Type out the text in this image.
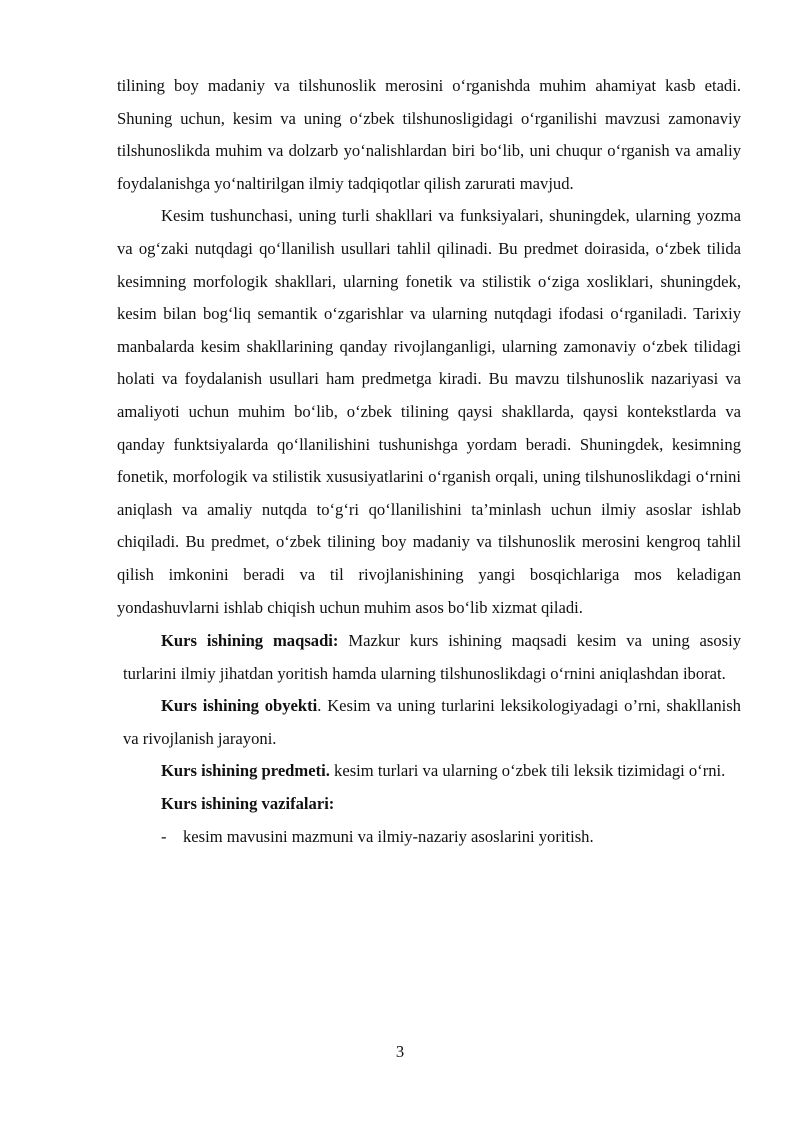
tilining boy madaniy va tilshunoslik merosini o‘rganishda muhim ahamiyat kasb etadi. Shuning uchun, kesim va uning o‘zbek tilshunosligidagi o‘rganilishi mavzusi zamonaviy tilshunoslikda muhim va dolzarb yo‘nalishlardan biri bo‘lib, uni chuqur o‘rganish va amaliy foydalanishga yo‘naltirilgan ilmiy tadqiqotlar qilish zarurati mavjud.

Kesim tushunchasi, uning turli shakllari va funksiyalari, shuningdek, ularning yozma va og‘zaki nutqdagi qo‘llanilish usullari tahlil qilinadi. Bu predmet doirasida, o‘zbek tilida kesimning morfologik shakllari, ularning fonetik va stilistik o‘ziga xosliklari, shuningdek, kesim bilan bog‘liq semantik o‘zgarishlar va ularning nutqdagi ifodasi o‘rganiladi. Tarixiy manbalarda kesim shakllarining qanday rivojlanganligi, ularning zamonaviy o‘zbek tilidagi holati va foydalanish usullari ham predmetga kiradi. Bu mavzu tilshunoslik nazariyasi va amaliyoti uchun muhim bo‘lib, o‘zbek tilining qaysi shakllarda, qaysi kontekstlarda va qanday funktsiyalarda qo‘llanilishini tushunishga yordam beradi. Shuningdek, kesimning fonetik, morfologik va stilistik xususiyatlarini o‘rganish orqali, uning tilshunoslikdagi o‘rnini aniqlash va amaliy nutqda to‘g‘ri qo‘llanilishini ta’minlash uchun ilmiy asoslar ishlab chiqiladi. Bu predmet, o‘zbek tilining boy madaniy va tilshunoslik merosini kengroq tahlil qilish imkonini beradi va til rivojlanishining yangi bosqichlariga mos keladigan yondashuvlarni ishlab chiqish uchun muhim asos bo‘lib xizmat qiladi.

Kurs ishining maqsadi: Mazkur kurs ishining maqsadi kesim va uning asosiy turlarini ilmiy jihatdan yoritish hamda ularning tilshunoslikdagi o‘rnini aniqlashdan iborat.

Kurs ishining obyekti. Kesim va uning turlarini leksikologiyadagi o’rni, shakllanish va rivojlanish jarayoni.

Kurs ishining predmeti. kesim turlari va ularning o‘zbek tili leksik tizimidagi o‘rni.

Kurs ishining vazifalari:

- kesim mavusini mazmuni va ilmiy-nazariy asoslarini yoritish.

3
